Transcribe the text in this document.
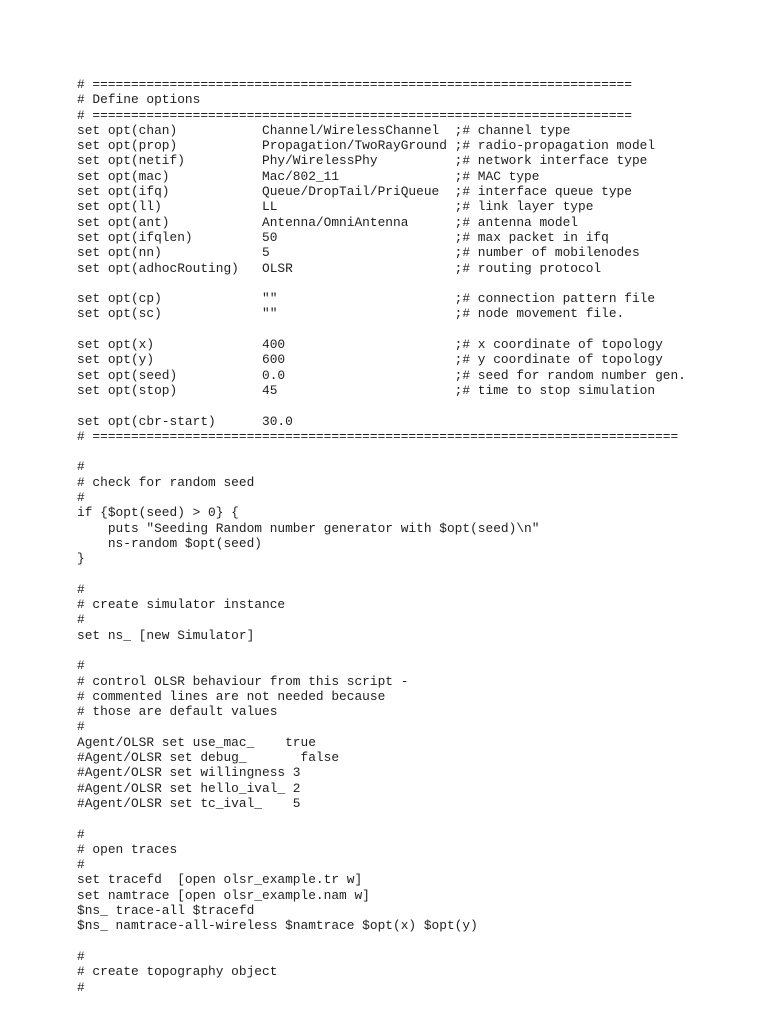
# ======================================================================
# Define options
# ======================================================================
set opt(chan)           Channel/WirelessChannel  ;# channel type
set opt(prop)           Propagation/TwoRayGround ;# radio-propagation model
set opt(netif)          Phy/WirelessPhy          ;# network interface type
set opt(mac)            Mac/802_11               ;# MAC type
set opt(ifq)            Queue/DropTail/PriQueue  ;# interface queue type
set opt(ll)             LL                       ;# link layer type
set opt(ant)            Antenna/OmniAntenna      ;# antenna model
set opt(ifqlen)         50                       ;# max packet in ifq
set opt(nn)             5                        ;# number of mobilenodes
set opt(adhocRouting)   OLSR                     ;# routing protocol
set opt(cp)             ""                       ;# connection pattern file
set opt(sc)             ""                       ;# node movement file.
set opt(x)              400                      ;# x coordinate of topology
set opt(y)              600                      ;# y coordinate of topology
set opt(seed)           0.0                      ;# seed for random number gen.
set opt(stop)           45                       ;# time to stop simulation
set opt(cbr-start)      30.0
# ============================================================================
#
# check for random seed
#
if {$opt(seed) > 0} {
puts "Seeding Random number generator with $opt(seed)\n"
ns-random $opt(seed)
}
#
# create simulator instance
#
set ns_ [new Simulator]
#
# control OLSR behaviour from this script -
# commented lines are not needed because
# those are default values
#
Agent/OLSR set use_mac_    true
#Agent/OLSR set debug_       false
#Agent/OLSR set willingness 3
#Agent/OLSR set hello_ival_ 2
#Agent/OLSR set tc_ival_    5
#
# open traces
#
set tracefd  [open olsr_example.tr w]
set namtrace [open olsr_example.nam w]
$ns_ trace-all $tracefd
$ns_ namtrace-all-wireless $namtrace $opt(x) $opt(y)
#
# create topography object
#
